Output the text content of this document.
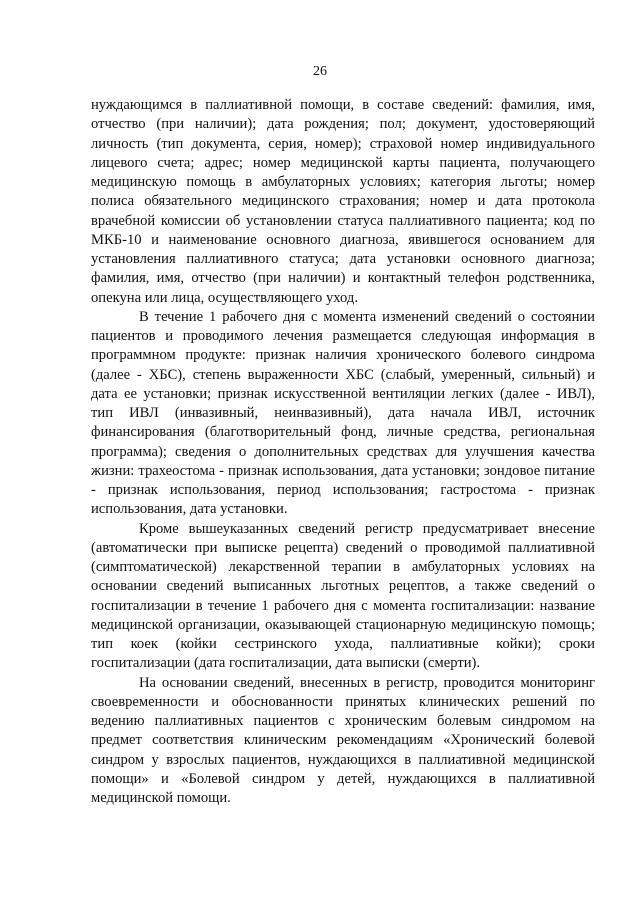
26

нуждающимся в паллиативной помощи, в составе сведений: фамилия, имя, отчество (при наличии); дата рождения; пол; документ, удостоверяющий личность (тип документа, серия, номер); страховой номер индивидуального лицевого счета; адрес; номер медицинской карты пациента, получающего медицинскую помощь в амбулаторных условиях; категория льготы; номер полиса обязательного медицинского страхования; номер и дата протокола врачебной комиссии об установлении статуса паллиативного пациента; код по МКБ-10 и наименование основного диагноза, явившегося основанием для установления паллиативного статуса; дата установки основного диагноза; фамилия, имя, отчество (при наличии) и контактный телефон родственника, опекуна или лица, осуществляющего уход.

В течение 1 рабочего дня с момента изменений сведений о состоянии пациентов и проводимого лечения размещается следующая информация в программном продукте: признак наличия хронического болевого синдрома (далее - ХБС), степень выраженности ХБС (слабый, умеренный, сильный) и дата ее установки; признак искусственной вентиляции легких (далее - ИВЛ), тип ИВЛ (инвазивный, неинвазивный), дата начала ИВЛ, источник финансирования (благотворительный фонд, личные средства, региональная программа); сведения о дополнительных средствах для улучшения качества жизни: трахеостома - признак использования, дата установки; зондовое питание - признак использования, период использования; гастростома - признак использования, дата установки.

Кроме вышеуказанных сведений регистр предусматривает внесение (автоматически при выписке рецепта) сведений о проводимой паллиативной (симптоматической) лекарственной терапии в амбулаторных условиях на основании сведений выписанных льготных рецептов, а также сведений о госпитализации в течение 1 рабочего дня с момента госпитализации: название медицинской организации, оказывающей стационарную медицинскую помощь; тип коек (койки сестринского ухода, паллиативные койки); сроки госпитализации (дата госпитализации, дата выписки (смерти).

На основании сведений, внесенных в регистр, проводится мониторинг своевременности и обоснованности принятых клинических решений по ведению паллиативных пациентов с хроническим болевым синдромом на предмет соответствия клиническим рекомендациям «Хронический болевой синдром у взрослых пациентов, нуждающихся в паллиативной медицинской помощи» и «Болевой синдром у детей, нуждающихся в паллиативной медицинской помощи.
